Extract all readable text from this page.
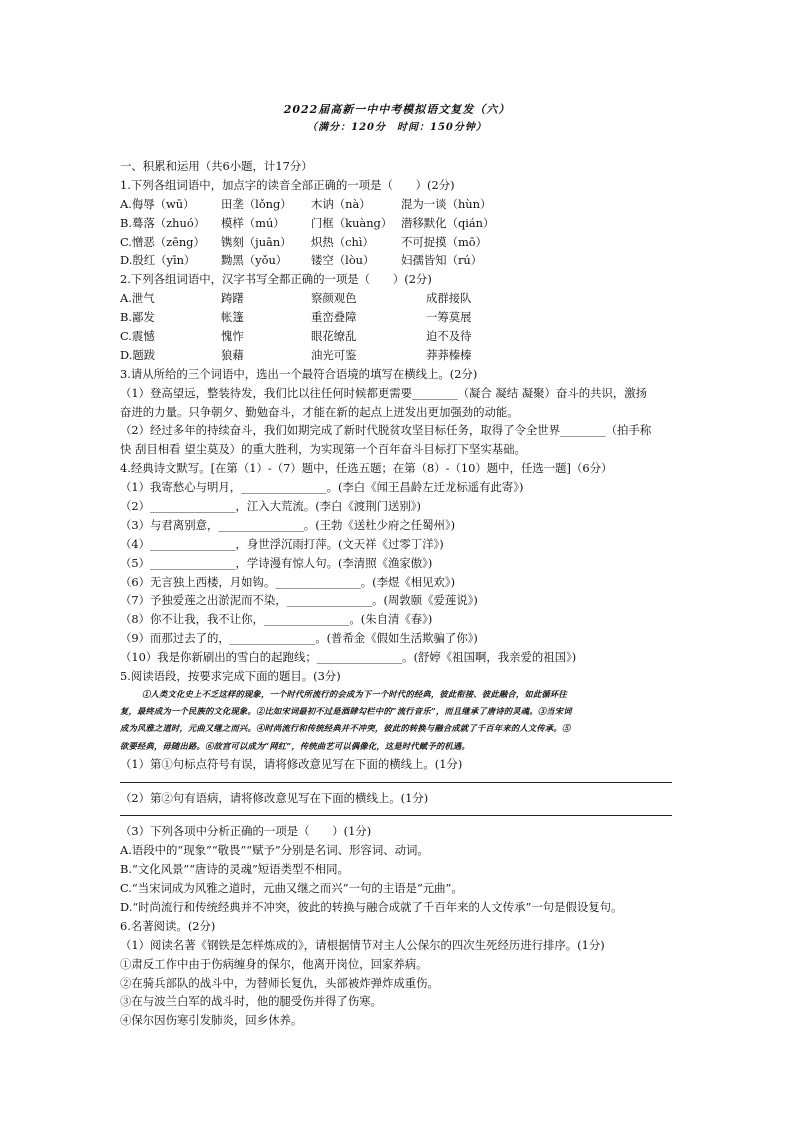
2022届高新一中中考模拟语文复发（六）
（满分：120分　时间：150分钟）
一、积累和运用（共6小题，计17分）
1.下列各组词语中，加点字的读音全部正确的一项是（　　）(2分)
A.侮辱（wū）	田垄（lǒng）	木讷（nà）	混为一谈（hùn）
B.蓦落（zhuó）	模样（mú）	门框（kuàng） 潜移默化（qián）
C.憎恶（zēng）	镌刻（juān）	炽热（chì）	不可捉摸（mō）
D.殷红（yīn）	黝黑（yǒu）	镂空（lòu）	妇孺皆知（rú）
2.下列各组词语中，汉字书写全都正确的一项是（　　）(2分)
A.泄气	踌躇	察颜观色	成群接队
B.鄙发	帐篷	重峦叠障	一筹莫展
C.震憾	愧怍	眼花缭乱	迫不及待
D.题跋	狼藉	油光可鉴	莽莽榛榛
3.请从所给的三个词语中，选出一个最符合语境的填写在横线上。(2分)
（1）登高望远，整装待发，我们比以往任何时候都更需要________（凝合 凝结 凝聚）奋斗的共识，激扬
奋进的力量。只争朝夕、勤勉奋斗，才能在新的起点上迸发出更加强劲的动能。
（2）经过多年的持续奋斗，我们如期完成了新时代脱贫攻坚目标任务，取得了令全世界________（拍手称
快 刮目相看 望尘莫及）的重大胜利，为实现第一个百年奋斗目标打下坚实基础。
4.经典诗文默写。[在第（1）-（7）题中，任选五题；在第（8）-（10）题中，任选一题]（6分）
（1）我寄愁心与明月，_______________。(李白《闻王昌龄左迁龙标遥有此寄》)
（2）_______________，江入大荒流。(李白《渡荆门送别》)
（3）与君离别意，_______________。(王勃《送杜少府之任蜀州》)
（4）_______________，身世浮沉雨打萍。(文天祥《过零丁洋》)
（5）_______________，学诗漫有惊人句。(李清照《渔家傲》)
（6）无言独上西楼，月如钩。_______________。(李煜《相见欢》)
（7）予独爱莲之出淤泥而不染，_______________。(周敦颐《爱莲说》)
（8）你不让我，我不让你，_______________。(朱自清《春》)
（9）而那过去了的，_______________。(普希金《假如生活欺骗了你》)
（10）我是你新刷出的雪白的起跑线；_______________。(舒婷《祖国啊，我亲爱的祖国》)
5.阅读语段，按要求完成下面的题目。(3分)
①人类文化史上不乏这样的现象，一个时代所流行的会成为下一个时代的经典，彼此衔接、彼此融合，如此循环往
复，最终成为一个民族的文化现象。②比如宋词最初不过是酒肆勾栏中的“流行音乐”，而且继承了唐诗的灵魂。③当宋词
成为风雅之道时，元曲又继之而兴。④时尚流行和传统经典并不冲突，彼此的转换与融合成就了千百年来的人文传承。⑤
欲要经典，毋随出路。⑥故宫可以成为“网红”，传统曲艺可以偶像化，这是时代赋予的机遇。
（1）第①句标点符号有误，请将修改意见写在下面的横线上。(1分)
（2）第②句有语病，请将修改意见写在下面的横线上。(1分)
（3）下列各项中分析正确的一项是（　　）(1分)
A.语段中的“现象”“敬畏”“赋予”分别是名词、形容词、动词。
B.“文化风景”“唐诗的灵魂”短语类型不相同。
C.“当宋词成为风雅之道时，元曲又继之而兴”一句的主语是“元曲”。
D.“时尚流行和传统经典并不冲突，彼此的转换与融合成就了千百年来的人文传承”一句是假设复句。
6.名著阅读。(2分)
（1）阅读名著《钢铁是怎样炼成的》，请根据情节对主人公保尔的四次生死经历进行排序。(1分)
①肃反工作中由于伤病缠身的保尔，他离开岗位，回家养病。
②在骑兵部队的战斗中，为替师长复仇，头部被炸弹炸成重伤。
③在与波兰白军的战斗时，他的腿受伤并得了伤寒。
④保尔因伤寒引发肺炎，回乡休养。
